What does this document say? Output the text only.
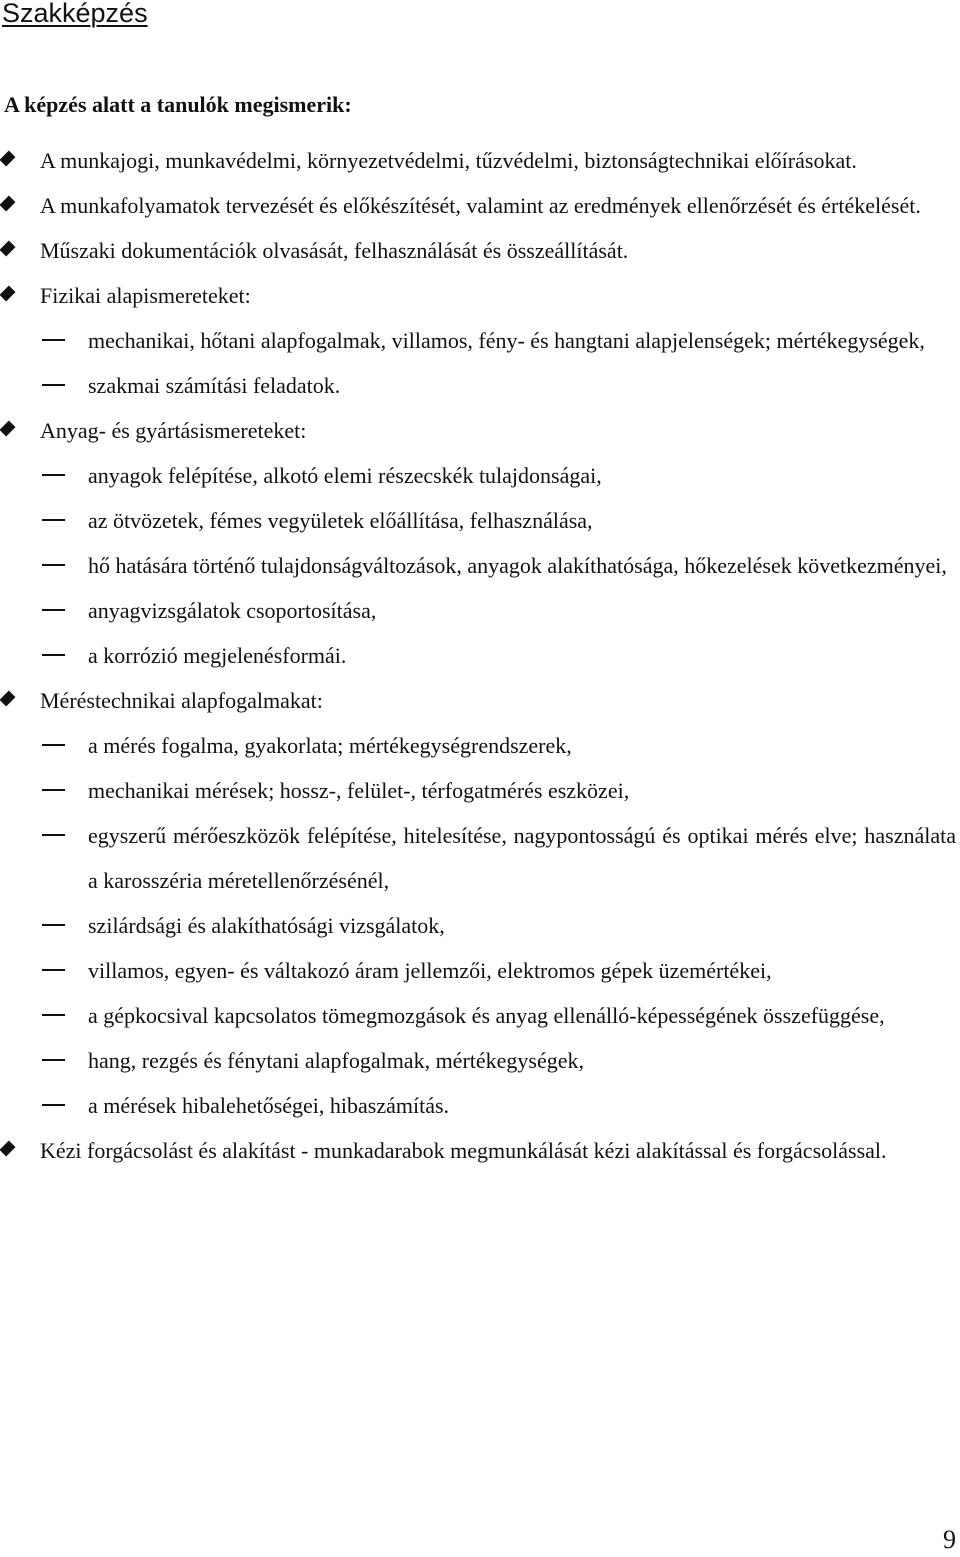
Szakképzés

A képzés alatt a tanulók megismerik:

A munkajogi, munkavédelmi, környezetvédelmi, tűzvédelmi, biztonságtechnikai előírásokat.
A munkafolyamatok tervezését és előkészítését, valamint az eredmények ellenőrzését és értékelését.
Műszaki dokumentációk olvasását, felhasználását és összeállítását.
Fizikai alapismereteket:
mechanikai, hőtani alapfogalmak, villamos, fény- és hangtani alapjelenségek; mértékegységek,
szakmai számítási feladatok.
Anyag- és gyártásismereteket:
anyagok felépítése, alkotó elemi részecskék tulajdonságai,
az ötvözetek, fémes vegyületek előállítása, felhasználása,
hő hatására történő tulajdonságváltozások, anyagok alakíthatósága, hőkezelések következményei,
anyagvizsgálatok csoportosítása,
a korrózió megjelenésformái.
Méréstechnikai alapfogalmakat:
a mérés fogalma, gyakorlata; mértékegységrendszerek,
mechanikai mérések; hossz-, felület-, térfogatmérés eszközei,
egyszerű mérőeszközök felépítése, hitelesítése, nagypontosságú és optikai mérés elve; használata a karosszéria méretellenőrzésénél,
szilárdsági és alakíthatósági vizsgálatok,
villamos, egyen- és váltakozó áram jellemzői, elektromos gépek üzemértékei,
a gépkocsival kapcsolatos tömegmozgások és anyag ellenálló-képességének összefüggése,
hang, rezgés és fénytani alapfogalmak, mértékegységek,
a mérések hibalehetőségei, hibaszámítás.
Kézi forgácsolást és alakítást - munkadarabok megmunkálását kézi alakítással és forgácsolással.
9
